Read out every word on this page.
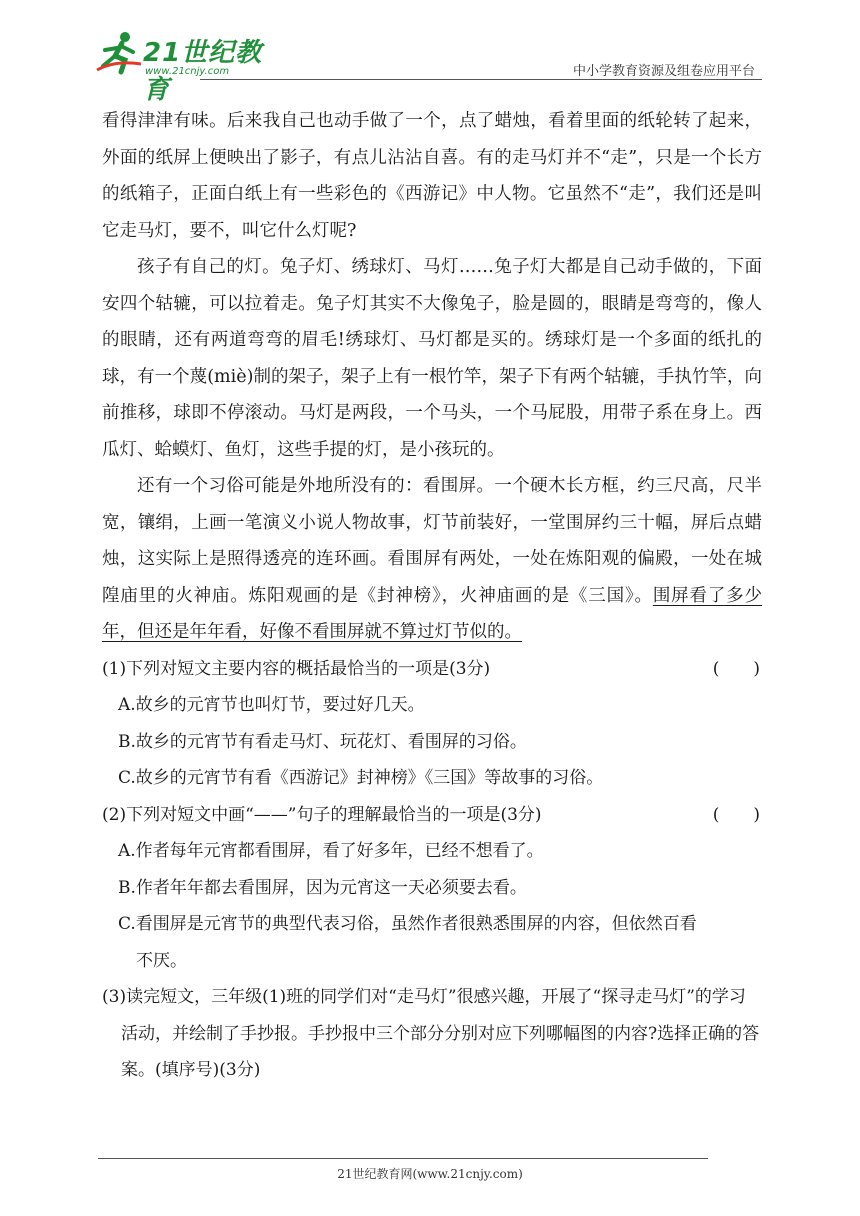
21世纪教育
www.21cnjy.com	中小学教育资源及组卷应用平台

看得津津有味。后来我自己也动手做了一个，点了蜡烛，看着里面的纸轮转了起来，外面的纸屏上便映出了影子，有点儿沾沾自喜。有的走马灯并不“走”，只是一个长方的纸箱子，正面白纸上有一些彩色的《西游记》中人物。它虽然不“走”，我们还是叫它走马灯，要不，叫它什么灯呢?

孩子有自己的灯。兔子灯、绣球灯、马灯……兔子灯大都是自己动手做的，下面安四个轱辘，可以拉着走。兔子灯其实不大像兔子，脸是圆的，眼睛是弯弯的，像人的眼睛，还有两道弯弯的眉毛!绣球灯、马灯都是买的。绣球灯是一个多面的纸扎的球，有一个蔑(miè)制的架子，架子上有一根竹竿，架子下有两个轱辘，手执竹竿，向前推移，球即不停滚动。马灯是两段，一个马头，一个马屁股，用带子系在身上。西瓜灯、蛤蟆灯、鱼灯，这些手提的灯，是小孩玩的。

还有一个习俗可能是外地所没有的：看围屏。一个硬木长方框，约三尺高，尺半宽，镶绢，上画一笔演义小说人物故事，灯节前装好，一堂围屏约三十幅，屏后点蜡烛，这实际上是照得透亮的连环画。看围屏有两处，一处在炼阳观的偏殿，一处在城隍庙里的火神庙。炼阳观画的是《封神榜》，火神庙画的是《三国》。围屏看了多少年，但还是年年看，好像不看围屏就不算过灯节似的。

(1)下列对短文主要内容的概括最恰当的一项是(3分)	(　　)

A.故乡的元宵节也叫灯节，要过好几天。

B.故乡的元宵节有看走马灯、玩花灯、看围屏的习俗。

C.故乡的元宵节有看《西游记》封神榜》《三国》等故事的习俗。

(2)下列对短文中画“——”句子的理解最恰当的一项是(3分)	(　　)

A.作者每年元宵都看围屏，看了好多年，已经不想看了。

B.作者年年都去看围屏，因为元宵这一天必须要去看。

C.看围屏是元宵节的典型代表习俗，虽然作者很熟悉围屏的内容，但依然百看

不厌。

(3)读完短文，三年级(1)班的同学们对“走马灯”很感兴趣，开展了“探寻走马灯”的学习活动，并绘制了手抄报。手抄报中三个部分分别对应下列哪幅图的内容?选择正确的答案。(填序号)(3分)

21世纪教育网(www.21cnjy.com)
